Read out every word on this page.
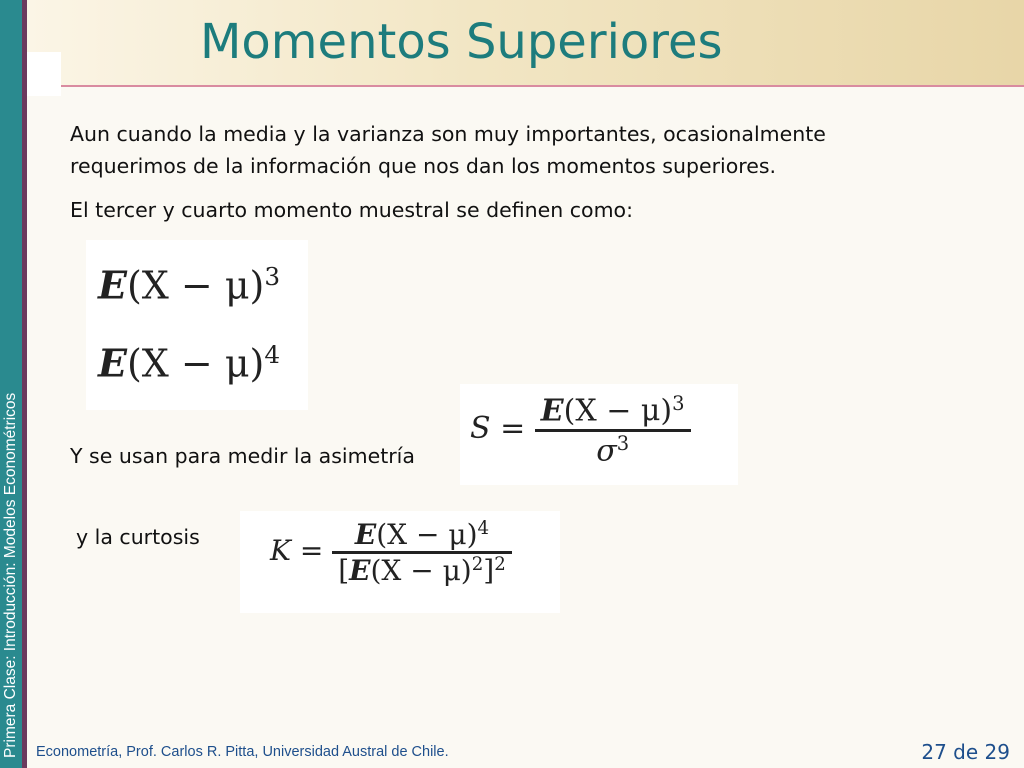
Primera Clase: Introducción: Modelos Econométricos
Momentos Superiores
Aun cuando la media y la varianza son muy importantes, ocasionalmente
requerimos de la información que nos dan los momentos superiores.
El tercer y cuarto momento muestral se definen como:
$E(X - \mu)^3$
$E(X - \mu)^4$
Y se usan para medir la asimetría
$S = \frac{E(X - \mu)^3}{\sigma^3}$
y la curtosis	$K = \frac{E(X - \mu)^4}{[E(X - \mu)^2]^2}$
Econometría, Prof. Carlos R. Pitta, Universidad Austral de Chile.	27 de 29
